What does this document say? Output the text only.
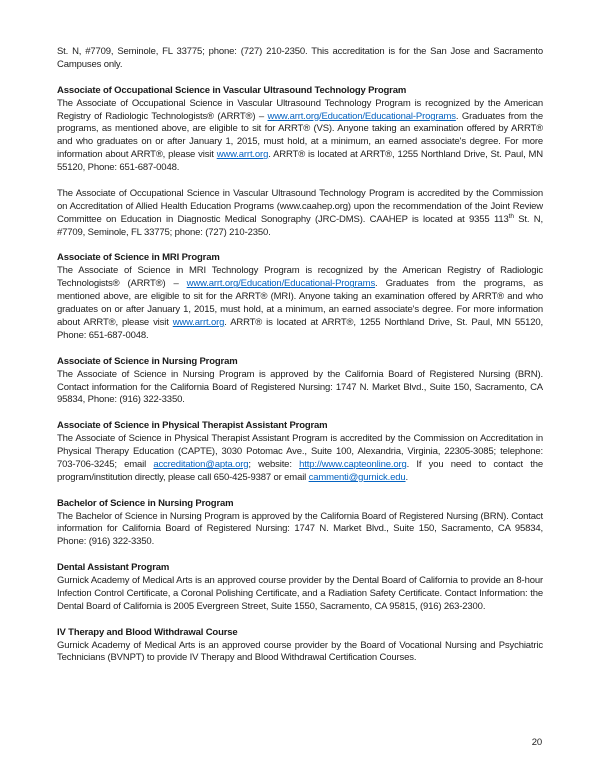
St. N, #7709, Seminole, FL 33775; phone: (727) 210-2350. This accreditation is for the San Jose and Sacramento Campuses only.

Associate of Occupational Science in Vascular Ultrasound Technology Program

The Associate of Occupational Science in Vascular Ultrasound Technology Program is recognized by the American Registry of Radiologic Technologists® (ARRT®) – www.arrt.org/Education/Educational-Programs. Graduates from the programs, as mentioned above, are eligible to sit for ARRT® (VS). Anyone taking an examination offered by ARRT® and who graduates on or after January 1, 2015, must hold, at a minimum, an earned associate's degree. For more information about ARRT®, please visit www.arrt.org. ARRT® is located at ARRT®, 1255 Northland Drive, St. Paul, MN 55120, Phone: 651-687-0048.

The Associate of Occupational Science in Vascular Ultrasound Technology Program is accredited by the Commission on Accreditation of Allied Health Education Programs (www.caahep.org) upon the recommendation of the Joint Review Committee on Education in Diagnostic Medical Sonography (JRC-DMS). CAAHEP is located at 9355 113th St. N, #7709, Seminole, FL 33775; phone: (727) 210-2350.

Associate of Science in MRI Program

The Associate of Science in MRI Technology Program is recognized by the American Registry of Radiologic Technologists® (ARRT®) – www.arrt.org/Education/Educational-Programs. Graduates from the programs, as mentioned above, are eligible to sit for the ARRT® (MRI). Anyone taking an examination offered by ARRT® and who graduates on or after January 1, 2015, must hold, at a minimum, an earned associate's degree. For more information about ARRT®, please visit www.arrt.org. ARRT® is located at ARRT®, 1255 Northland Drive, St. Paul, MN 55120, Phone: 651-687-0048.

Associate of Science in Nursing Program

The Associate of Science in Nursing Program is approved by the California Board of Registered Nursing (BRN). Contact information for the California Board of Registered Nursing: 1747 N. Market Blvd., Suite 150, Sacramento, CA 95834, Phone: (916) 322-3350.

Associate of Science in Physical Therapist Assistant Program

The Associate of Science in Physical Therapist Assistant Program is accredited by the Commission on Accreditation in Physical Therapy Education (CAPTE), 3030 Potomac Ave., Suite 100, Alexandria, Virginia, 22305-3085; telephone: 703-706-3245; email accreditation@apta.org; website: http://www.capteonline.org. If you need to contact the program/institution directly, please call 650-425-9387 or email cammenti@gurnick.edu.

Bachelor of Science in Nursing Program

The Bachelor of Science in Nursing Program is approved by the California Board of Registered Nursing (BRN). Contact information for California Board of Registered Nursing: 1747 N. Market Blvd., Suite 150, Sacramento, CA 95834, Phone: (916) 322-3350.

Dental Assistant Program

Gurnick Academy of Medical Arts is an approved course provider by the Dental Board of California to provide an 8-hour Infection Control Certificate, a Coronal Polishing Certificate, and a Radiation Safety Certificate. Contact Information: the Dental Board of California is 2005 Evergreen Street, Suite 1550, Sacramento, CA 95815, (916) 263-2300.

IV Therapy and Blood Withdrawal Course

Gurnick Academy of Medical Arts is an approved course provider by the Board of Vocational Nursing and Psychiatric Technicians (BVNPT) to provide IV Therapy and Blood Withdrawal Certification Courses.

20
